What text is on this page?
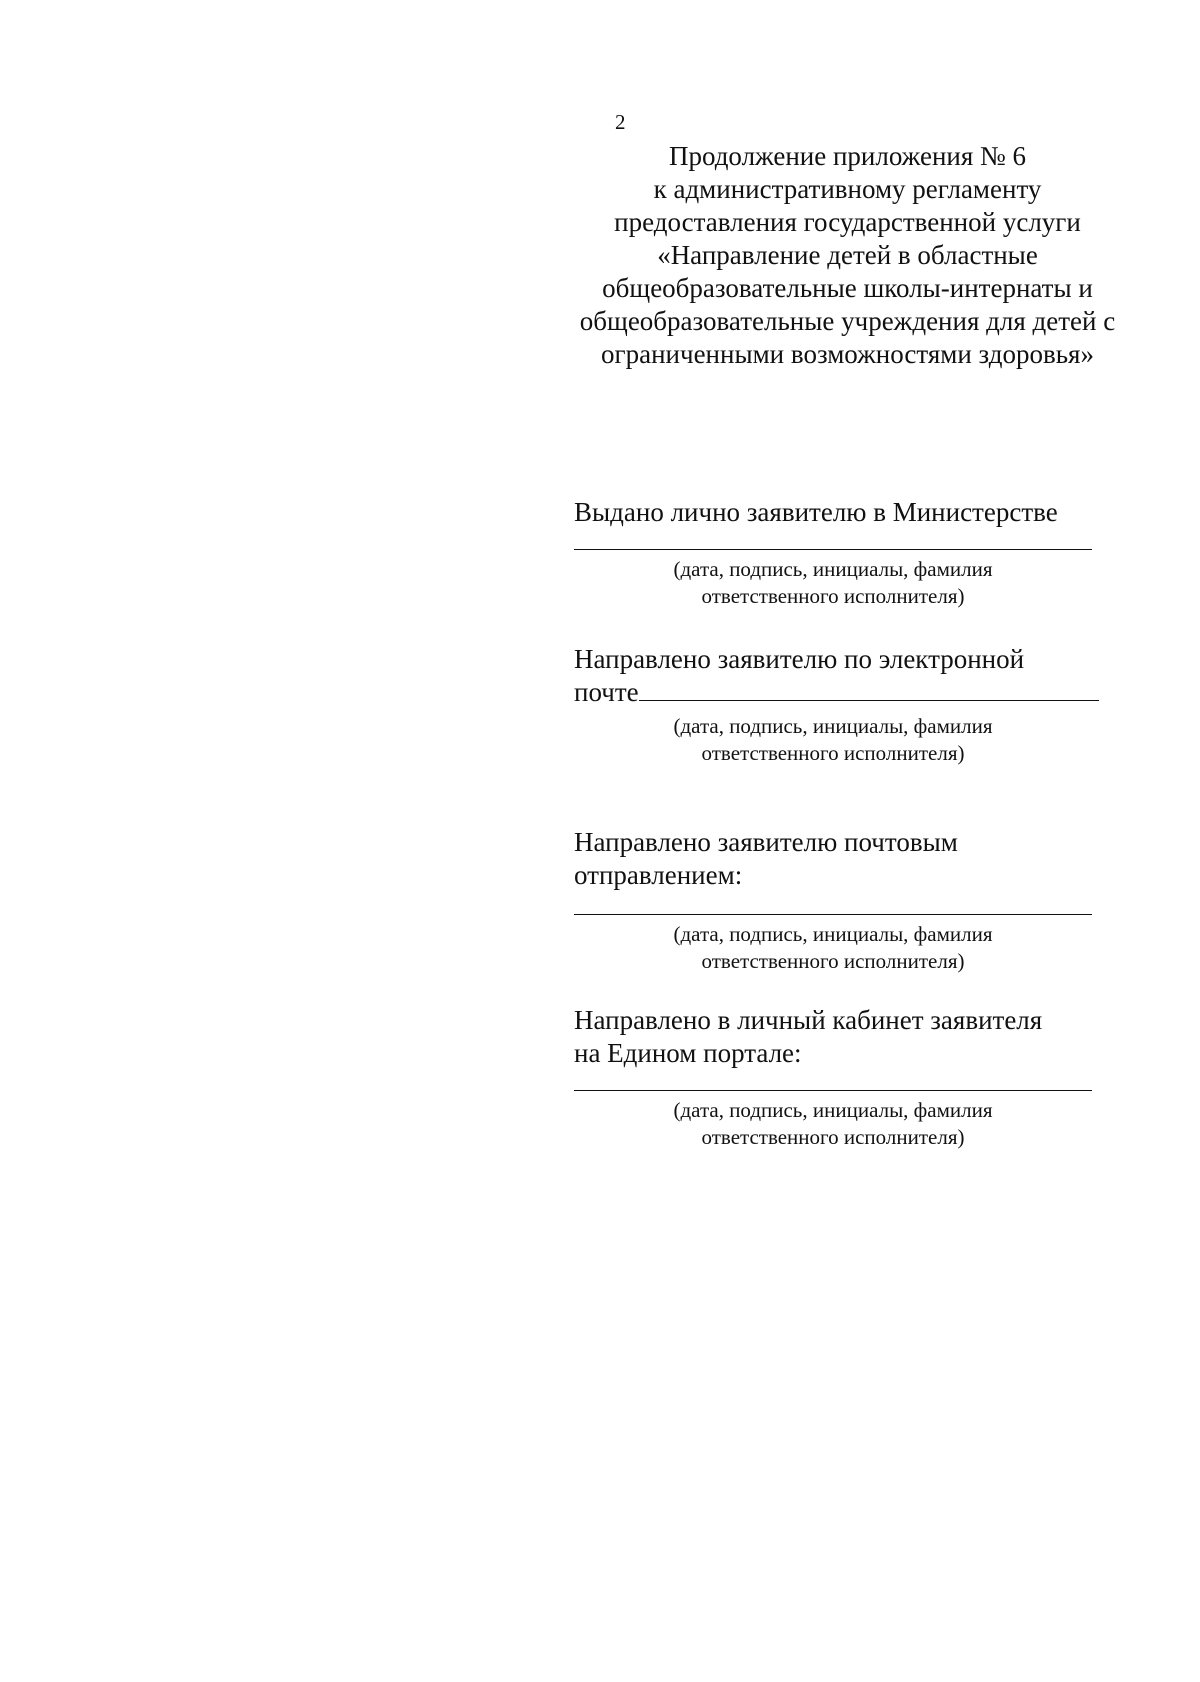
2
Продолжение приложения № 6
к административному регламенту
предоставления государственной услуги
«Направление детей в областные
общеобразовательные школы-интернаты и
общеобразовательные учреждения для детей с
ограниченными возможностями здоровья»
Выдано лично заявителю в Министерстве
(дата, подпись, инициалы, фамилия
ответственного исполнителя)
Направлено заявителю по электронной
почте
(дата, подпись, инициалы, фамилия
ответственного исполнителя)
Направлено заявителю почтовым
отправлением:
(дата, подпись, инициалы, фамилия
ответственного исполнителя)
Направлено в личный кабинет заявителя
на Едином портале:
(дата, подпись, инициалы, фамилия
ответственного исполнителя)
